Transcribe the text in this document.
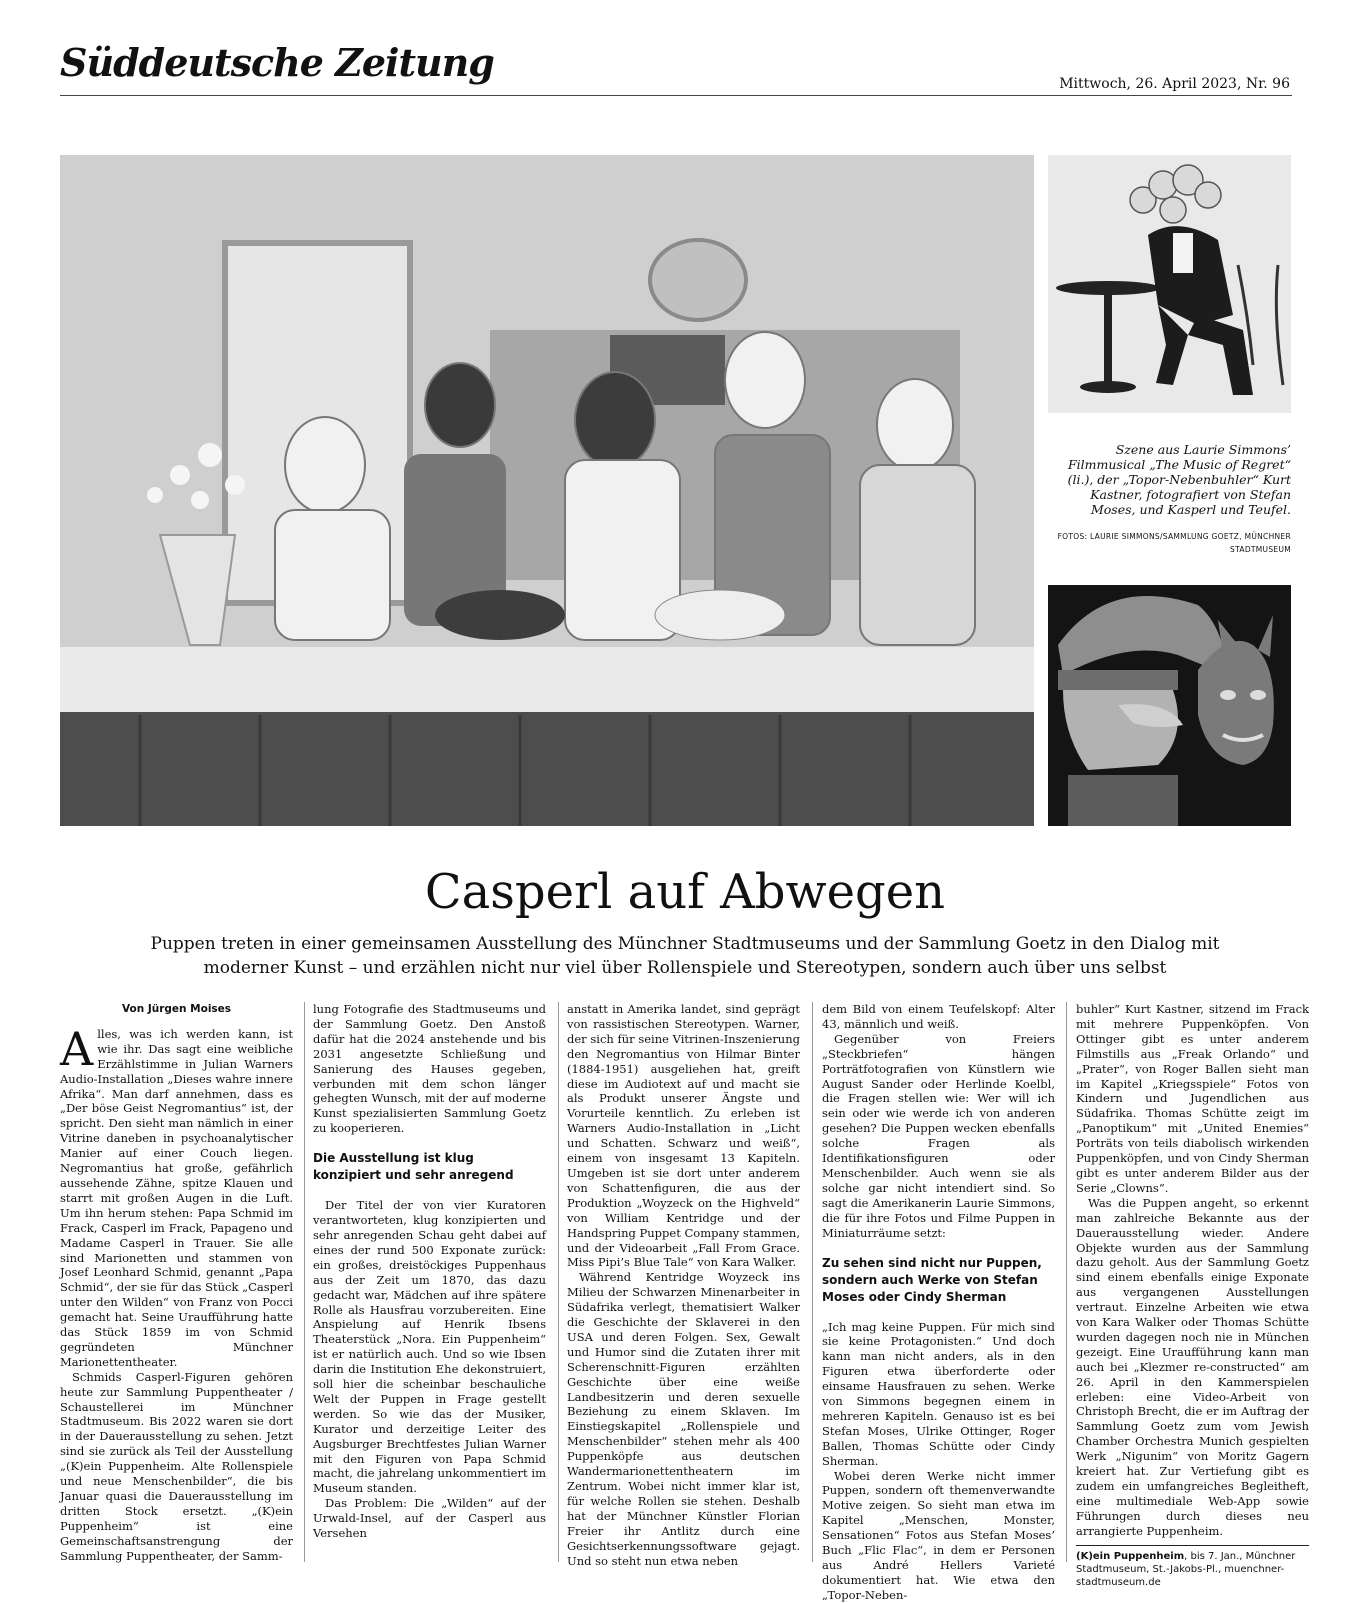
Süddeutsche Zeitung	Mittwoch, 26. April 2023, Nr. 96
Szene aus Laurie Simmons’ Filmmusical „The Music of Regret“ (li.), der „Topor-Nebenbuhler“ Kurt Kastner, fotografiert von Stefan Moses, und Kasperl und Teufel.
FOTOS: LAURIE SIMMONS/SAMMLUNG GOETZ, MÜNCHNER STADTMUSEUM
Casperl auf Abwegen
Puppen treten in einer gemeinsamen Ausstellung des Münchner Stadtmuseums und der Sammlung Goetz in den Dialog mit moderner Kunst – und erzählen nicht nur viel über Rollenspiele und Stereotypen, sondern auch über uns selbst
Von Jürgen Moises

Alles, was ich werden kann, ist wie ihr. Das sagt eine weibliche Erzählstimme in Julian Warners Audio-Installation „Dieses wahre innere Afrika“. Man darf annehmen, dass es „Der böse Geist Negromantius“ ist, der spricht. Den sieht man nämlich in einer Vitrine daneben in psychoanalytischer Manier auf einer Couch liegen. Negromantius hat große, gefährlich aussehende Zähne, spitze Klauen und starrt mit großen Augen in die Luft. Um ihn herum stehen: Papa Schmid im Frack, Casperl im Frack, Papageno und Madame Casperl in Trauer. Sie alle sind Marionetten und stammen von Josef Leonhard Schmid, genannt „Papa Schmid“, der sie für das Stück „Casperl unter den Wilden“ von Franz von Pocci gemacht hat. Seine Uraufführung hatte das Stück 1859 im von Schmid gegründeten Münchner Marionettentheater.

Schmids Casperl-Figuren gehören heute zur Sammlung Puppentheater / Schaustellerei im Münchner Stadtmuseum. Bis 2022 waren sie dort in der Dauerausstellung zu sehen. Jetzt sind sie zurück als Teil der Ausstellung „(K)ein Puppenheim. Alte Rollenspiele und neue Menschenbilder“, die bis Januar quasi die Dauerausstellung im dritten Stock ersetzt. „(K)ein Puppenheim“ ist eine Gemeinschaftsanstrengung der Sammlung Puppentheater, der Samm-

lung Fotografie des Stadtmuseums und der Sammlung Goetz. Den Anstoß dafür hat die 2024 anstehende und bis 2031 angesetzte Schließung und Sanierung des Hauses gegeben, verbunden mit dem schon länger gehegten Wunsch, mit der auf moderne Kunst spezialisierten Sammlung Goetz zu kooperieren.

Die Ausstellung ist klug konzipiert und sehr anregend

Der Titel der von vier Kuratoren verantworteten, klug konzipierten und sehr anregenden Schau geht dabei auf eines der rund 500 Exponate zurück: ein großes, dreistöckiges Puppenhaus aus der Zeit um 1870, das dazu gedacht war, Mädchen auf ihre spätere Rolle als Hausfrau vorzubereiten. Eine Anspielung auf Henrik Ibsens Theaterstück „Nora. Ein Puppenheim“ ist er natürlich auch. Und so wie Ibsen darin die Institution Ehe dekonstruiert, soll hier die scheinbar beschauliche Welt der Puppen in Frage gestellt werden. So wie das der Musiker, Kurator und derzeitige Leiter des Augsburger Brechtfestes Julian Warner mit den Figuren von Papa Schmid macht, die jahrelang unkommentiert im Museum standen.

Das Problem: Die „Wilden“ auf der Urwald-Insel, auf der Casperl aus Versehen

anstatt in Amerika landet, sind geprägt von rassistischen Stereotypen. Warner, der sich für seine Vitrinen-Inszenierung den Negromantius von Hilmar Binter (1884-1951) ausgeliehen hat, greift diese im Audiotext auf und macht sie als Produkt unserer Ängste und Vorurteile kenntlich. Zu erleben ist Warners Audio-Installation in „Licht und Schatten. Schwarz und weiß“, einem von insgesamt 13 Kapiteln. Umgeben ist sie dort unter anderem von Schattenfiguren, die aus der Produktion „Woyzeck on the Highveld“ von William Kentridge und der Handspring Puppet Company stammen, und der Videoarbeit „Fall From Grace. Miss Pipi’s Blue Tale“ von Kara Walker.

Während Kentridge Woyzeck ins Milieu der Schwarzen Minenarbeiter in Südafrika verlegt, thematisiert Walker die Geschichte der Sklaverei in den USA und deren Folgen. Sex, Gewalt und Humor sind die Zutaten ihrer mit Scherenschnitt-Figuren erzählten Geschichte über eine weiße Landbesitzerin und deren sexuelle Beziehung zu einem Sklaven. Im Einstiegskapitel „Rollenspiele und Menschenbilder“ stehen mehr als 400 Puppenköpfe aus deutschen Wandermarionettentheatern im Zentrum. Wobei nicht immer klar ist, für welche Rollen sie stehen. Deshalb hat der Münchner Künstler Florian Freier ihr Antlitz durch eine Gesichtserkennungssoftware gejagt. Und so steht nun etwa neben

dem Bild von einem Teufelskopf: Alter 43, männlich und weiß.

Gegenüber von Freiers „Steckbriefen“ hängen Porträtfotografien von Künstlern wie August Sander oder Herlinde Koelbl, die Fragen stellen wie: Wer will ich sein oder wie werde ich von anderen gesehen? Die Puppen wecken ebenfalls solche Fragen als Identifikationsfiguren oder Menschenbilder. Auch wenn sie als solche gar nicht intendiert sind. So sagt die Amerikanerin Laurie Simmons, die für ihre Fotos und Filme Puppen in Miniaturräume setzt:

Zu sehen sind nicht nur Puppen, sondern auch Werke von Stefan Moses oder Cindy Sherman

„Ich mag keine Puppen. Für mich sind sie keine Protagonisten.“ Und doch kann man nicht anders, als in den Figuren etwa überforderte oder einsame Hausfrauen zu sehen. Werke von Simmons begegnen einem in mehreren Kapiteln. Genauso ist es bei Stefan Moses, Ulrike Ottinger, Roger Ballen, Thomas Schütte oder Cindy Sherman.

Wobei deren Werke nicht immer Puppen, sondern oft themenverwandte Motive zeigen. So sieht man etwa im Kapitel „Menschen, Monster, Sensationen“ Fotos aus Stefan Moses’ Buch „Flic Flac“, in dem er Personen aus André Hellers Varieté dokumentiert hat. Wie etwa den „Topor-Neben-

buhler“ Kurt Kastner, sitzend im Frack mit mehrere Puppenköpfen. Von Ottinger gibt es unter anderem Filmstills aus „Freak Orlando“ und „Prater“, von Roger Ballen sieht man im Kapitel „Kriegsspiele“ Fotos von Kindern und Jugendlichen aus Südafrika. Thomas Schütte zeigt im „Panoptikum“ mit „United Enemies“ Porträts von teils diabolisch wirkenden Puppenköpfen, und von Cindy Sherman gibt es unter anderem Bilder aus der Serie „Clowns“.

Was die Puppen angeht, so erkennt man zahlreiche Bekannte aus der Dauerausstellung wieder. Andere Objekte wurden aus der Sammlung dazu geholt. Aus der Sammlung Goetz sind einem ebenfalls einige Exponate aus vergangenen Ausstellungen vertraut. Einzelne Arbeiten wie etwa von Kara Walker oder Thomas Schütte wurden dagegen noch nie in München gezeigt. Eine Uraufführung kann man auch bei „Klezmer re-constructed“ am 26. April in den Kammerspielen erleben: eine Video-Arbeit von Christoph Brecht, die er im Auftrag der Sammlung Goetz zum vom Jewish Chamber Orchestra Munich gespielten Werk „Nigunim“ von Moritz Gagern kreiert hat. Zur Vertiefung gibt es zudem ein umfangreiches Begleitheft, eine multimediale Web-App sowie Führungen durch dieses neu arrangierte Puppenheim.

(K)ein Puppenheim, bis 7. Jan., Münchner Stadtmuseum, St.-Jakobs-Pl., muenchner-stadtmuseum.de
